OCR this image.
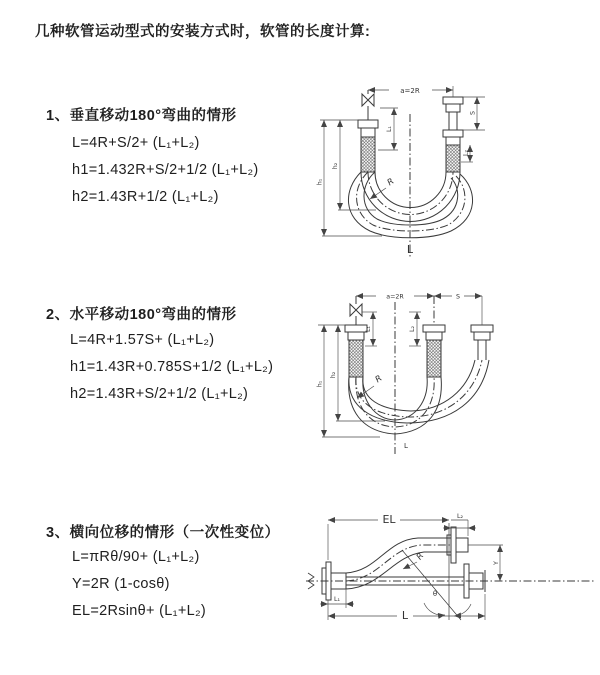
几种软管运动型式的安装方式时，软管的长度计算:
1、垂直移动180°弯曲的情形
L=4R+S/2+ (L₁+L₂)
h1=1.432R+S/2+1/2 (L₁+L₂)
h2=1.43R+1/2 (L₁+L₂)
a=2R
h₂
h₁
L₁
S
L₂
R
L
2、水平移动180°弯曲的情形
L=4R+1.57S+ (L₁+L₂)
h1=1.43R+0.785S+1/2 (L₁+L₂)
h2=1.43R+S/2+1/2 (L₁+L₂)
a=2R	S
h₂
h₁
L₁	L₂
R
L
3、横向位移的情形（一次性变位）
L=πRθ/90+ (L₁+L₂)
Y=2R (1-cosθ)
EL=2Rsinθ+ (L₁+L₂)
EL	L₂
Y
L₁
L
R
θ
